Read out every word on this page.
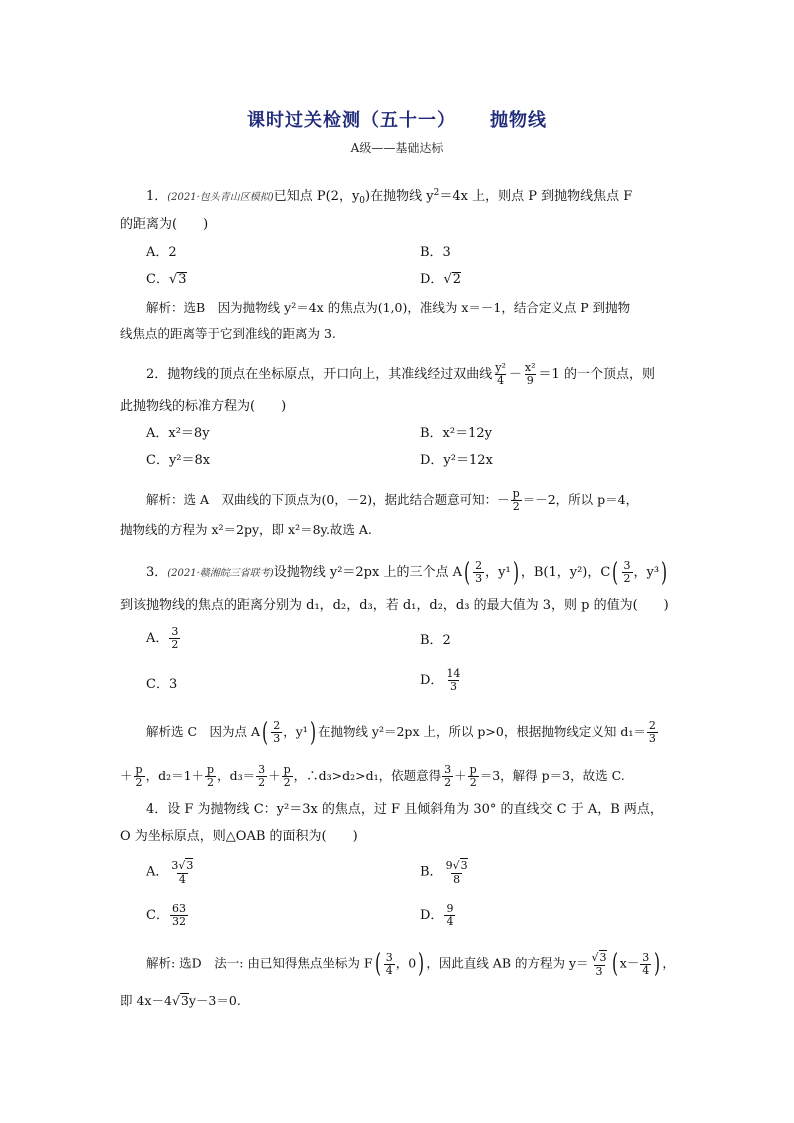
课时过关检测（五十一） 抛物线
A级——基础达标
1．(2021·包头青山区模拟)已知点 P(2，$y_0$)在抛物线 $y^2=4x$ 上，则点 P 到抛物线焦点 F
的距离为(　　)
A．2	B．3
C．√3	D．√2
解析：选B　因为抛物线 y²＝4x 的焦点为(1,0)，准线为 x＝－1，结合定义点 P 到抛物
线焦点的距离等于它到准线的距离为 3.
2．抛物线的顶点在坐标原点，开口向上，其准线经过双曲线 $\frac{\text{y²}}{4} - \frac{\text{x²}}{9} =1$ 的一个顶点，则
此抛物线的标准方程为(　　)
A．x²＝8y	B．x²＝12y
C．y²＝8x	D．y²＝12x
解析：选 A　双曲线的下顶点为(0，－2)，据此结合题意可知：－ $\frac{p}{2} =-2$，所以 p＝4，
抛物线的方程为 x²＝2py，即 x²＝8y.故选 A.
3．(2021·赣湘皖三省联考)设抛物线 y²＝2px 上的三个点 $A( \frac{2}{3}$ ，y¹) ，B(1，y²)，$C( \frac{3}{2}$ ，y³)
到该抛物线的焦点的距离分别为 d₁，d₂，d₃，若 d₁，d₂，d₃ 的最大值为 3，则 p 的值为(　　)
A． $\frac{3}{2}$	B．2
C．3	D． $\frac{14}{3}$
解析选 C　因为点 $A( \frac{2}{3}$ ，y¹) 在抛物线 y²＝2px 上，所以 p>0，根据抛物线定义知 $d_1= \frac{2}{3}$
＋ $\frac{p}{2}$ ，$d_2=1+ \frac{p}{2}$ ，$d_3= \frac{3}{2} + \frac{p}{2}$ ，∴d₃>d₂>d₁，依题意得 $\frac{3}{2} + \frac{p}{2} =3$，解得 p＝3，故选 C.
4．设 F 为抛物线 C：y²＝3x 的焦点，过 F 且倾斜角为 30° 的直线交 C 于 A，B 两点，
O 为坐标原点，则△OAB 的面积为(　　)
A． $\frac{3√3}{4}$	B． $\frac{9√3}{8}$
C． $\frac{63}{32}$	D． $\frac{9}{4}$
解析: 选D　法一: 由已知得焦点坐标为 $F( \frac{3}{4}$ ，0) ，因此直线 AB 的方程为 $y= \frac{√3}{3}$ ( $x- \frac{3}{4}$ ) ，
即 4x－4√3y－3＝0.
